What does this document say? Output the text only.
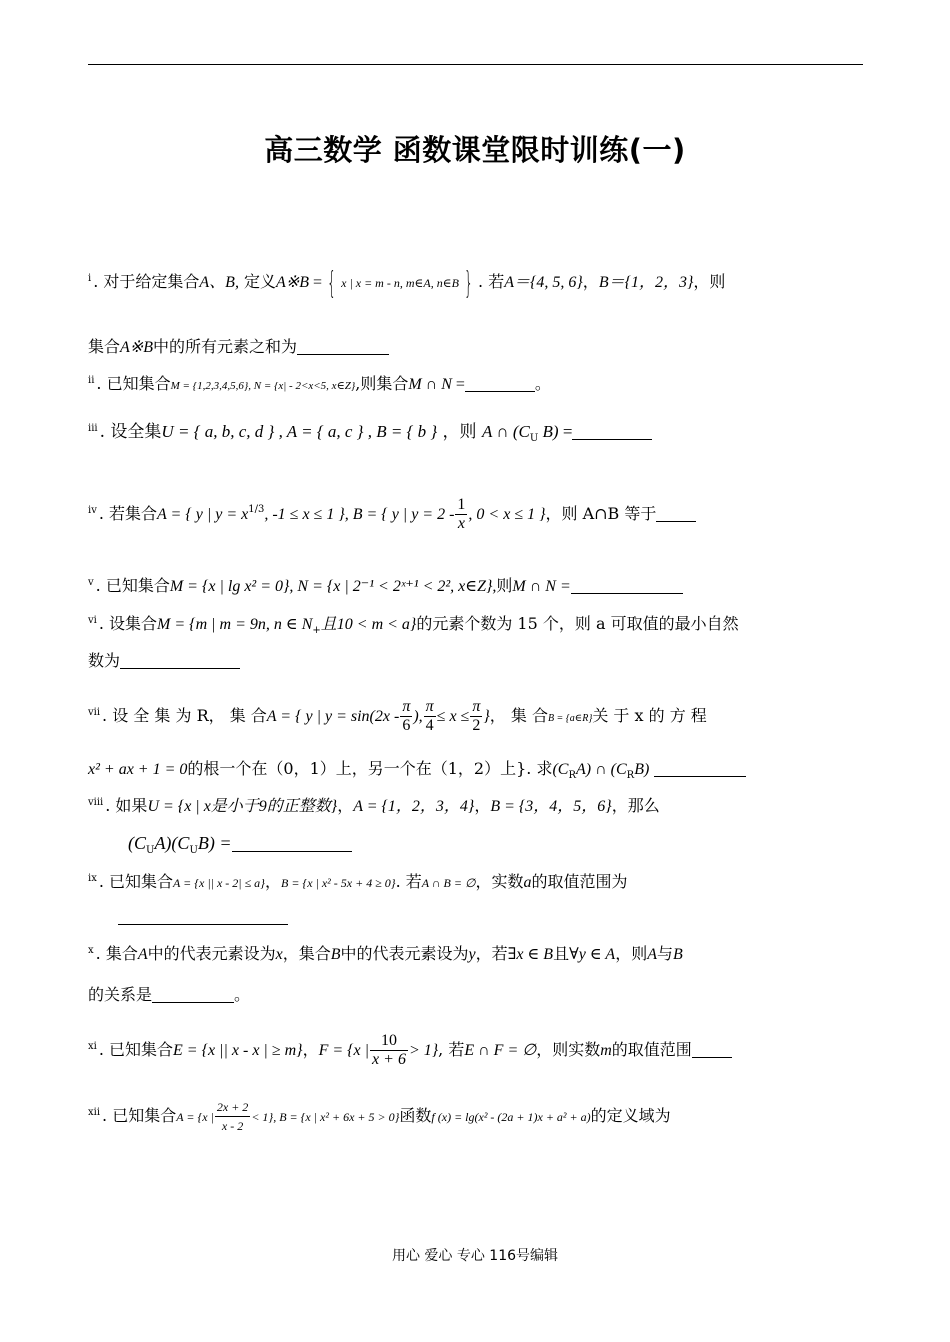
高三数学 函数课堂限时训练(一)
$^i$ . 对于给定集合A、B, 定义A※B = { x | x = m - n, m∈A, n∈B } . 若A＝{4, 5, 6}，B＝{1，2，3}，则
集合A※B中的所有元素之和为
$^{ii}$ . 已知集合M = {1,2,3,4,5,6}, N = {x| - 2<x<5, x∈Z},则集合M ∩ N =	。
$^{iii}$ . 设全集U = { a, b, c, d } , A = { a, c } , B = { b } ，则 A ∩ ($C_U$ B) =
$^{iv}$ . 若集合A = { y | $y = x^{1/3}$, -1 ≤ x ≤ 1 }, B = { y | $y = 2 - \frac{1}{x}$ , 0 < x ≤ 1 }，则 A∩B 等于
$^v$ . 已知集合M = {x | lg x² = 0}, N = {x | 2⁻¹ < 2ˣ⁺¹ < 2², x∈Z},则M ∩ N =
$^{vi}$ . 设集合M = {m | m = 9n, n ∈ $N_+$且10 < m < a}的元素个数为 15 个，则 a 可取值的最小自然
数为
$^{vii}$ . 设 全 集 为 R， 集 合A = { y | $y = \sin(2x - \frac{\pi}{6}$ ), $\frac{\pi}{4} \le x \le \frac{\pi}{2}$ }， 集 合B = {a∈R}关 于 x 的 方 程
x² + ax + 1 = 0的根一个在（0，1）上，另一个在（1，2）上}. 求$(C_RA)$ ∩ $(C_RB)$
$^{viii}$ . 如果U = {x | x是小于9的正整数}，A = {1，2，3，4}，B = {3，4，5，6}，那么
$(C_UA)(C_UB)$ =
$^{ix}$ . 已知集合A = {x || x - 2| ≤ a}，B = {x | x² - 5x + 4 ≥ 0}. 若A ∩ B = ∅，实数a的取值范围为
$^x$ . 集合A中的代表元素设为x，集合B中的代表元素设为y，若∃x ∈ B且∀y ∈ A，则A与B
的关系是	。
$^{xi}$ . 已知集合E = {x || x - x | ≥ m}，F = {x | $\frac{10}{x + 6} > 1$}, 若E ∩ F = ∅，则实数m的取值范围
$^{xii}$ . 已知集合A = {x | $\frac{2x + 2}{x - 2} < 1$}, B = {x | x² + 6x + 5 > 0}函数f (x) = lg(x² - (2a + 1)x + a² + a)的定义域为
用心 爱心 专心 116号编辑
